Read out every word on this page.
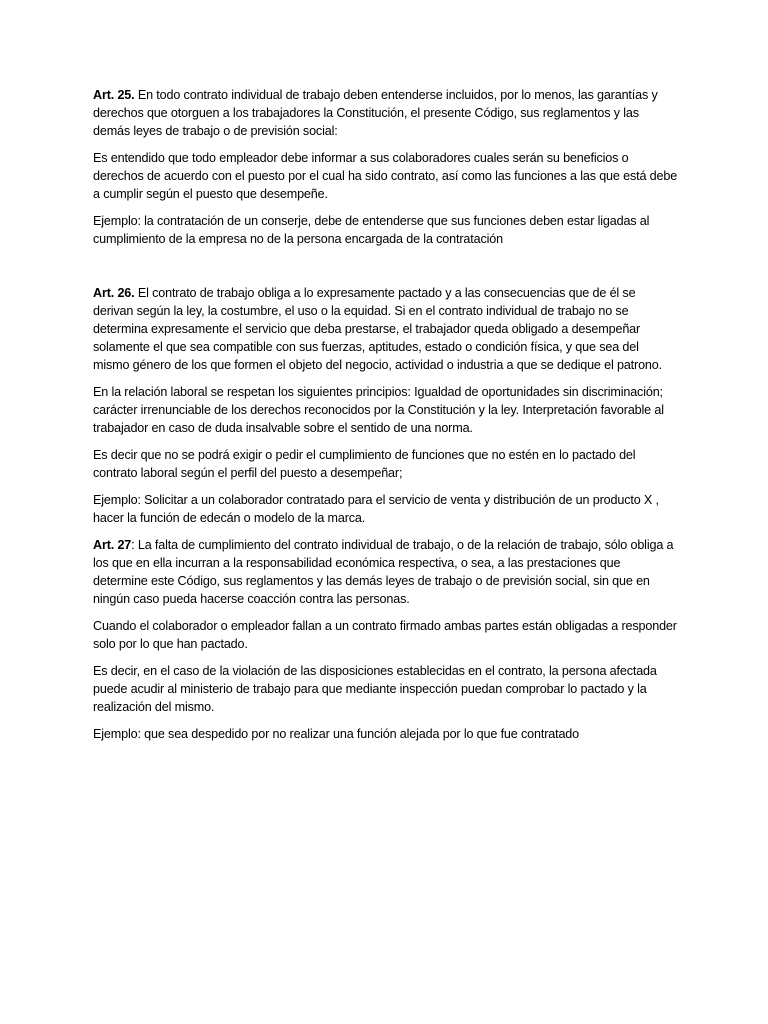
Art. 25. En todo contrato individual de trabajo deben entenderse incluidos, por lo menos, las garantías y derechos que otorguen a los trabajadores la Constitución, el presente Código, sus reglamentos y las demás leyes de trabajo o de previsión social:

Es entendido que todo empleador debe informar a sus colaboradores cuales serán su beneficios o derechos de acuerdo con el puesto por el cual ha sido contrato, así como las funciones a las que está debe a cumplir según el puesto que desempeñe.

Ejemplo: la contratación de un conserje, debe de entenderse que sus funciones deben estar ligadas al cumplimiento de la empresa no de la persona encargada de la contratación

Art. 26. El contrato de trabajo obliga a lo expresamente pactado y a las consecuencias que de él se derivan según la ley, la costumbre, el uso o la equidad. Si en el contrato individual de trabajo no se determina expresamente el servicio que deba prestarse, el trabajador queda obligado a desempeñar solamente el que sea compatible con sus fuerzas, aptitudes, estado o condición física, y que sea del mismo género de los que formen el objeto del negocio, actividad o industria a que se dedique el patrono.

En la relación laboral se respetan los siguientes principios: Igualdad de oportunidades sin discriminación; carácter irrenunciable de los derechos reconocidos por la Constitución y la ley. Interpretación favorable al trabajador en caso de duda insalvable sobre el sentido de una norma.

Es decir que no se podrá exigir o pedir el cumplimiento de funciones que no estén en lo pactado del contrato laboral según el perfil del puesto a desempeñar;

Ejemplo: Solicitar a un colaborador contratado para el servicio de venta y distribución de un producto X , hacer la función de edecán o modelo de la marca.

Art. 27: La falta de cumplimiento del contrato individual de trabajo, o de la relación de trabajo, sólo obliga a los que en ella incurran a la responsabilidad económica respectiva, o sea, a las prestaciones que determine este Código, sus reglamentos y las demás leyes de trabajo o de previsión social, sin que en ningún caso pueda hacerse coacción contra las personas.

Cuando el colaborador o empleador fallan a un contrato firmado ambas partes están obligadas a responder solo por lo que han pactado.

Es decir, en el caso de la violación de las disposiciones establecidas en el contrato, la persona afectada puede acudir al ministerio de trabajo para que mediante inspección puedan comprobar lo pactado y la realización del mismo.

Ejemplo: que sea despedido por no realizar una función alejada por lo que fue contratado
